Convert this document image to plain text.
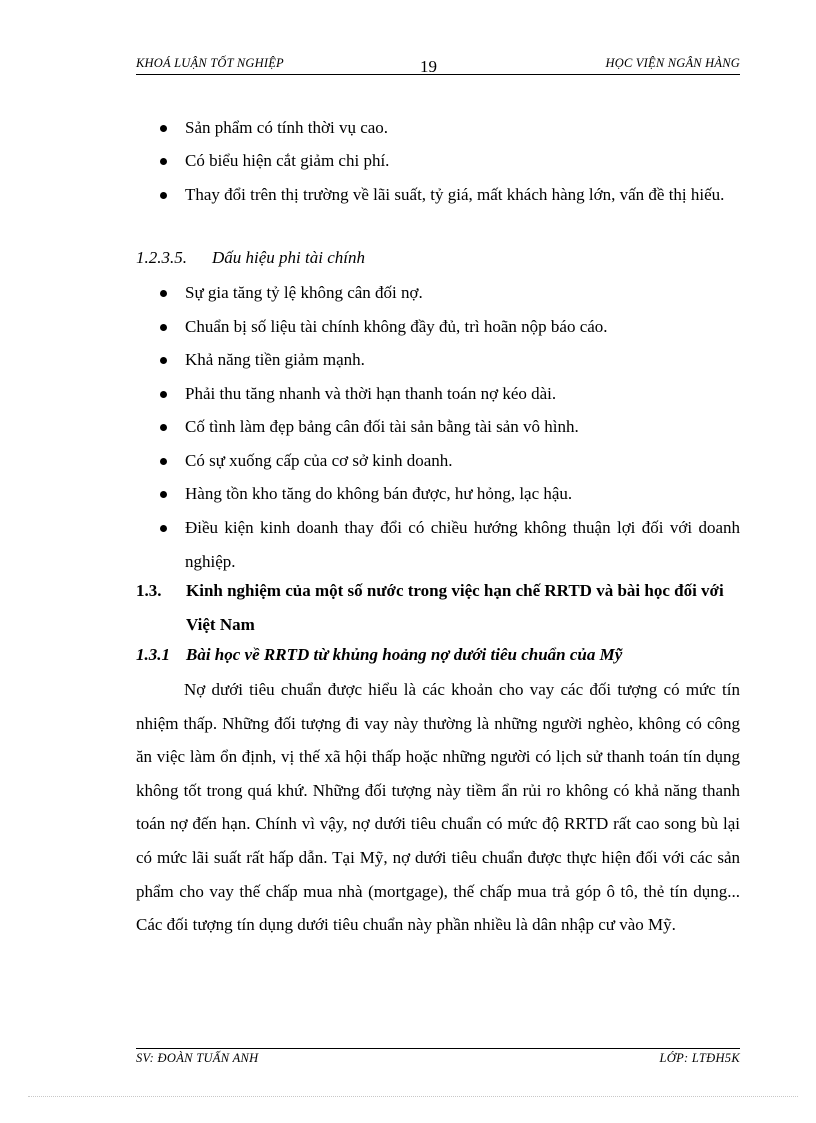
KHOÁ LUẬN TỐT NGHIỆP	19	HỌC VIỆN NGÂN HÀNG
Sản phẩm có tính thời vụ cao.
Có biểu hiện cắt giảm chi phí.
Thay đổi trên thị trường về lãi suất, tỷ giá, mất khách hàng lớn, vấn đề thị hiếu.
1.2.3.5. Dấu hiệu phi tài chính
Sự gia tăng tỷ lệ không cân đối nợ.
Chuẩn bị số liệu tài chính không đầy đủ, trì hoãn nộp báo cáo.
Khả năng tiền giảm mạnh.
Phải thu tăng nhanh và thời hạn thanh toán nợ kéo dài.
Cố tình làm đẹp bảng cân đối tài sản bằng tài sản vô hình.
Có sự xuống cấp của cơ sở kinh doanh.
Hàng tồn kho tăng do không bán được, hư hỏng, lạc hậu.
Điều kiện kinh doanh thay đổi có chiều hướng không thuận lợi đối với doanh nghiệp.
1.3. Kinh nghiệm của một số nước trong việc hạn chế RRTD và bài học đối với Việt Nam
1.3.1 Bài học về RRTD từ khủng hoảng nợ dưới tiêu chuẩn của Mỹ

Nợ dưới tiêu chuẩn được hiểu là các khoản cho vay các đối tượng có mức tín nhiệm thấp. Những đối tượng đi vay này thường là những người nghèo, không có công ăn việc làm ổn định, vị thế xã hội thấp hoặc những người có lịch sử thanh toán tín dụng không tốt trong quá khứ. Những đối tượng này tiềm ẩn rủi ro không có khả năng thanh toán nợ đến hạn. Chính vì vậy, nợ dưới tiêu chuẩn có mức độ RRTD rất cao song bù lại có mức lãi suất rất hấp dẫn. Tại Mỹ, nợ dưới tiêu chuẩn được thực hiện đối với các sản phẩm cho vay thế chấp mua nhà (mortgage), thế chấp mua trả góp ô tô, thẻ tín dụng... Các đối tượng tín dụng dưới tiêu chuẩn này phần nhiều là dân nhập cư vào Mỹ.

SV: ĐOÀN TUẤN ANH	LỚP: LTĐH5K
